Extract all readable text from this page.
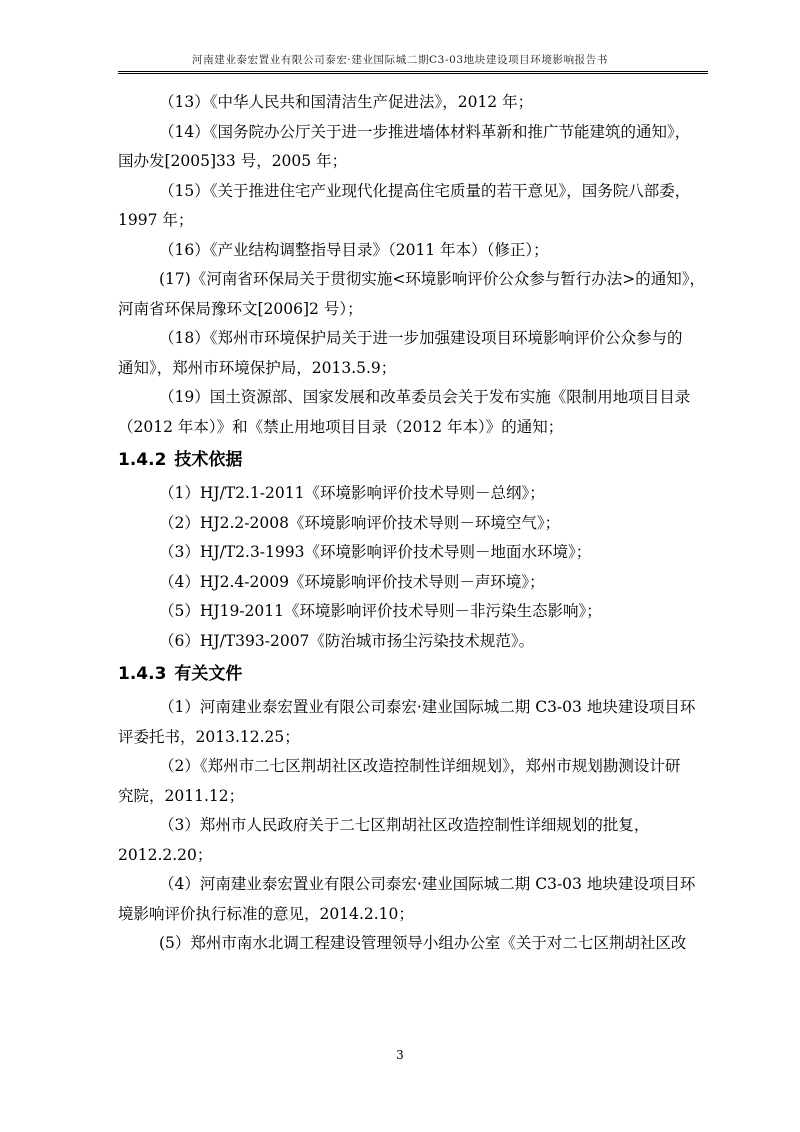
河南建业泰宏置业有限公司泰宏·建业国际城二期C3-03地块建设项目环境影响报告书

（13）《中华人民共和国清洁生产促进法》，2012 年；

（14）《国务院办公厅关于进一步推进墙体材料革新和推广节能建筑的通知》，

国办发[2005]33 号，2005 年；

（15）《关于推进住宅产业现代化提高住宅质量的若干意见》，国务院八部委，

1997 年；

（16）《产业结构调整指导目录》（2011 年本）（修正）；

(17)《河南省环保局关于贯彻实施<环境影响评价公众参与暂行办法>的通知》，

河南省环保局豫环文[2006]2 号）；

（18）《郑州市环境保护局关于进一步加强建设项目环境影响评价公众参与的

通知》，郑州市环境保护局，2013.5.9；

（19）国土资源部、国家发展和改革委员会关于发布实施《限制用地项目目录

（2012 年本）》和《禁止用地项目目录（2012 年本）》的通知；

1.4.2 技术依据

（1）HJ/T2.1-2011《环境影响评价技术导则－总纲》；

（2）HJ2.2-2008《环境影响评价技术导则－环境空气》；

（3）HJ/T2.3-1993《环境影响评价技术导则－地面水环境》；

（4）HJ2.4-2009《环境影响评价技术导则－声环境》；

（5）HJ19-2011《环境影响评价技术导则－非污染生态影响》；

（6）HJ/T393-2007《防治城市扬尘污染技术规范》。

1.4.3 有关文件

（1）河南建业泰宏置业有限公司泰宏·建业国际城二期 C3-03 地块建设项目环

评委托书，2013.12.25；

（2）《郑州市二七区荆胡社区改造控制性详细规划》，郑州市规划勘测设计研

究院，2011.12；

（3）郑州市人民政府关于二七区荆胡社区改造控制性详细规划的批复，

2012.2.20；

（4）河南建业泰宏置业有限公司泰宏·建业国际城二期 C3-03 地块建设项目环

境影响评价执行标准的意见，2014.2.10；

(5）郑州市南水北调工程建设管理领导小组办公室《关于对二七区荆胡社区改

3
